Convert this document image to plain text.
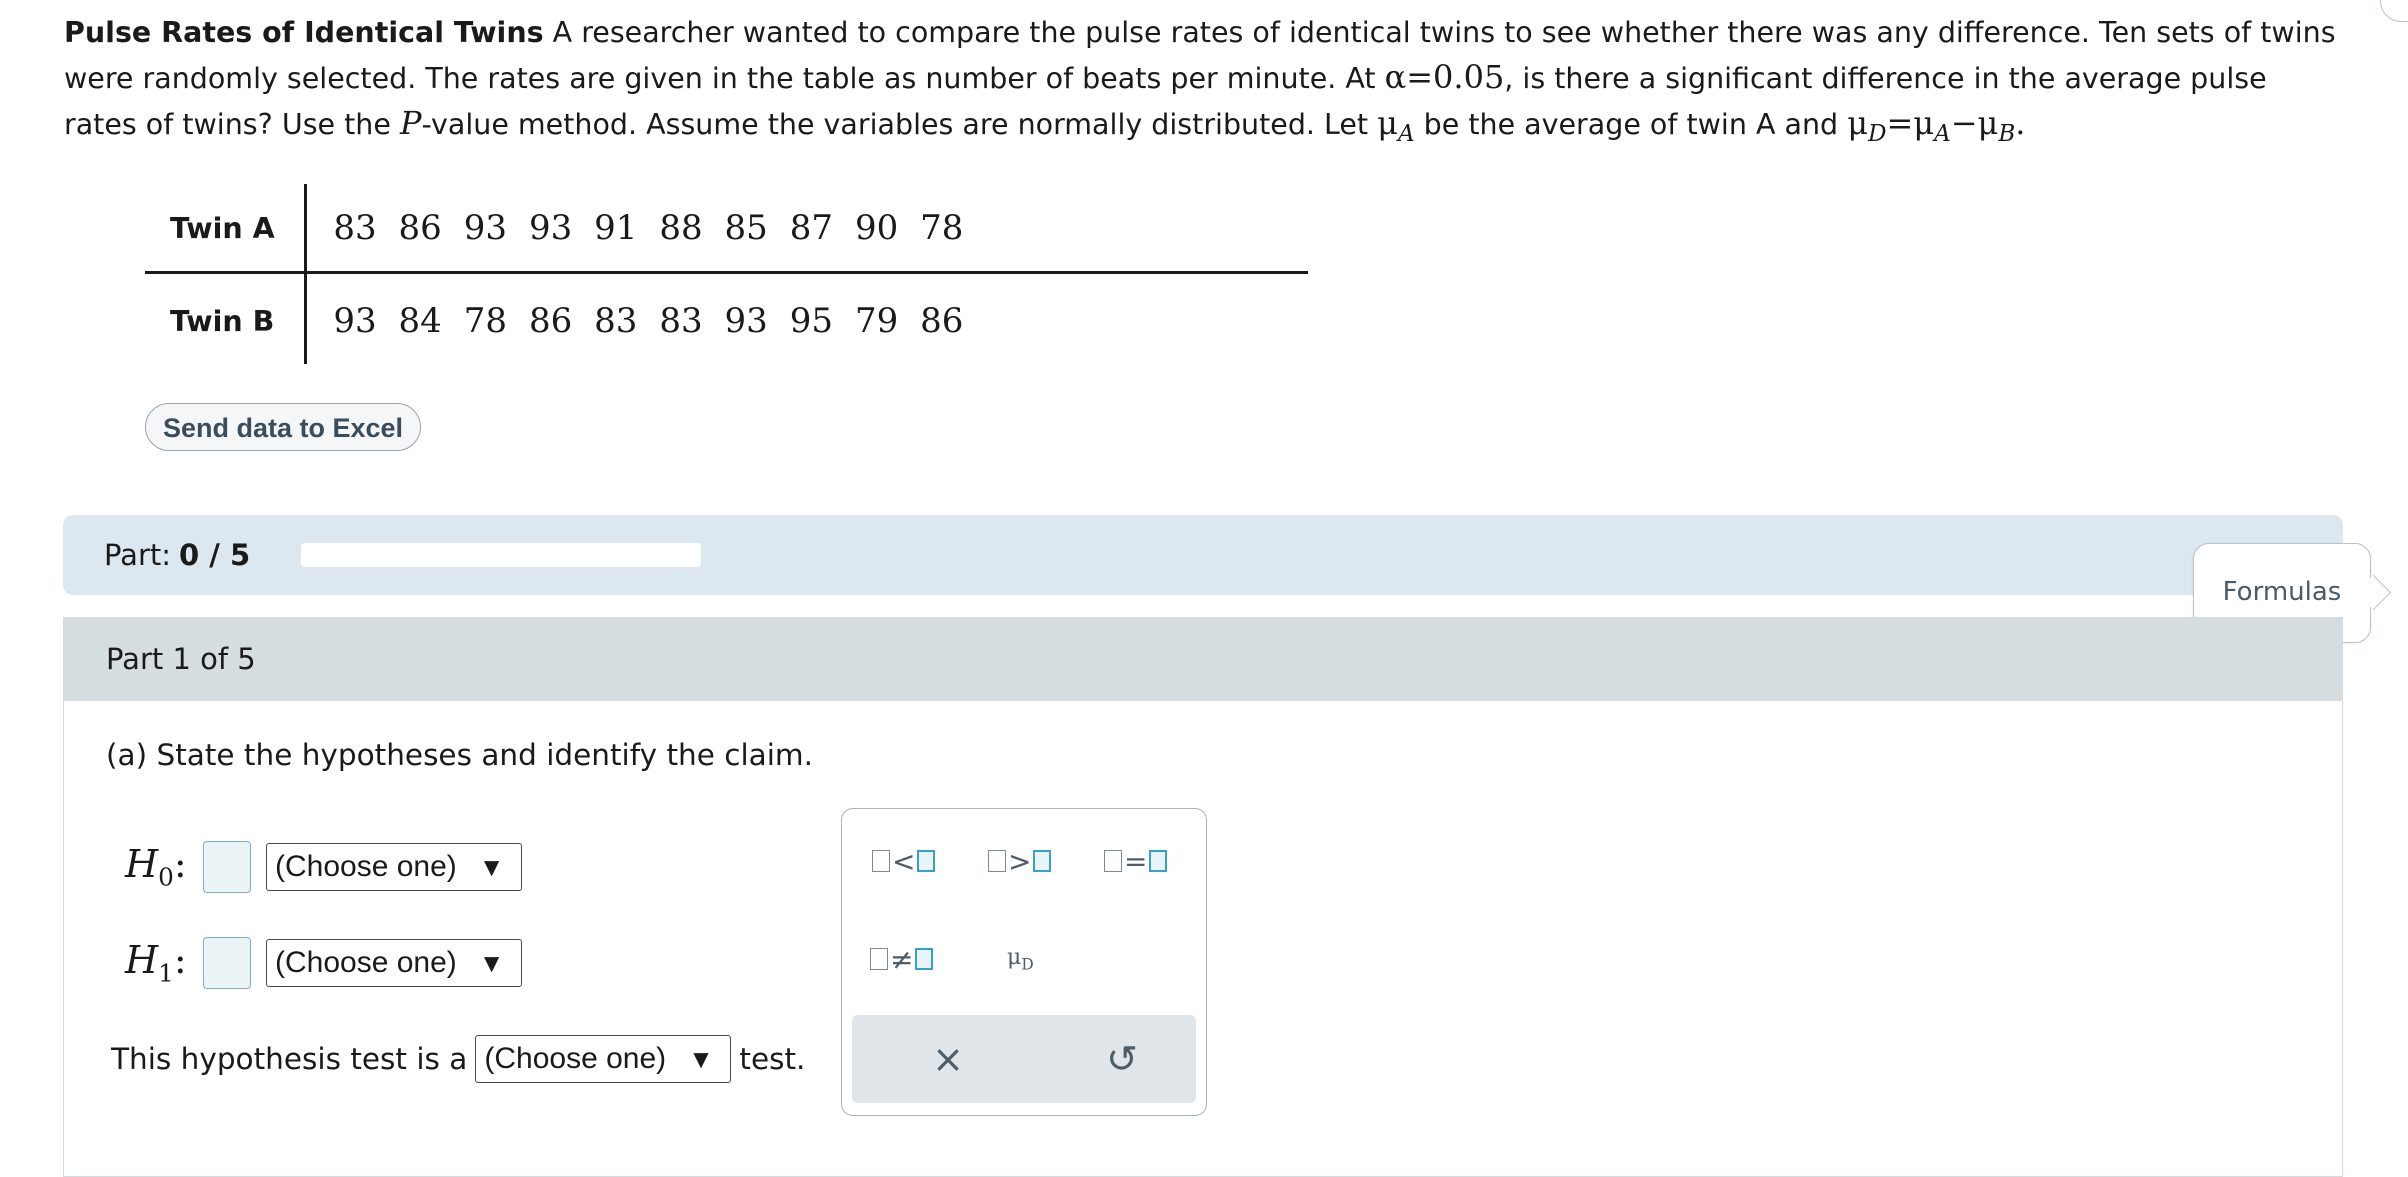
Pulse Rates of Identical Twins A researcher wanted to compare the pulse rates of identical twins to see whether there was any difference. Ten sets of twins were randomly selected. The rates are given in the table as number of beats per minute. At α=0.05, is there a significant difference in the average pulse rates of twins? Use the P-value method. Assume the variables are normally distributed. Let $\mu_A$ be the average of twin A and $\mu_D=\mu_A-\mu_B$.
Twin A	83 86 93 93 91 88 85 87 90 78
Twin B	93 84 78 86 83 83 93 95 79 86
Send data to Excel
Part: 0 / 5
Formulas
Part 1 of 5
(a) State the hypotheses and identify the claim.
$H_0$:	(Choose one) ▼
$H_1$:	(Choose one) ▼
This hypothesis test is a (Choose one) ▼ test.
<	>	=
≠	$\mu_D$
×	↺
